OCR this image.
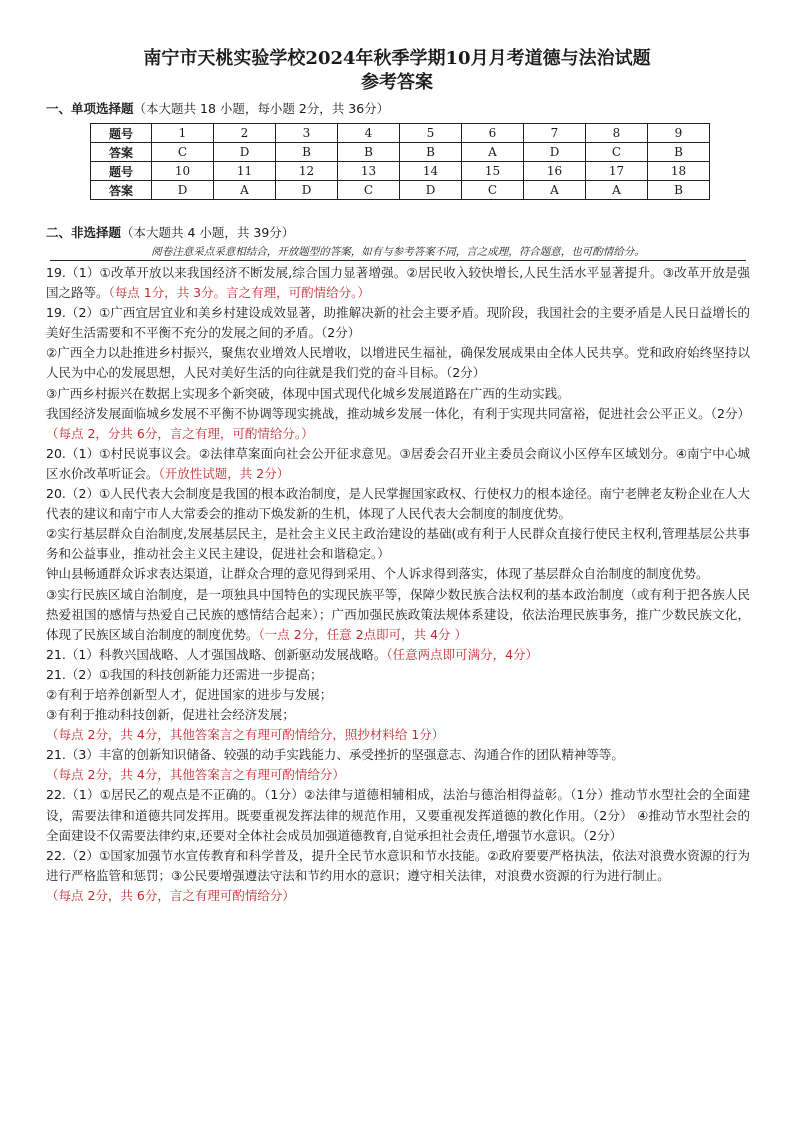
南宁市天桃实验学校2024年秋季学期10月月考道德与法治试题
参考答案
一、单项选择题（本大题共 18 小题，每小题 2分，共 36分）
题号	1	2	3	4	5	6	7	8	9
答案	C	D	B	B	B	A	D	C	B
题号	10	11	12	13	14	15	16	17	18
答案	D	A	D	C	D	C	A	A	B
二、非选择题（本大题共 4 小题，共 39分）
阅卷注意采点采意相结合，开放题型的答案，如有与参考答案不同，言之成理，符合题意，也可酌情给分。

19.（1）①改革开放以来我国经济不断发展,综合国力显著增强。②居民收入较快增长,人民生活水平显著提升。③改革开放是强国之路等。（每点 1分，共 3分。言之有理，可酌情给分。）

19.（2）①广西宜居宜业和美乡村建设成效显著，助推解决新的社会主要矛盾。现阶段，我国社会的主要矛盾是人民日益增长的美好生活需要和不平衡不充分的发展之间的矛盾。（2分）

②广西全力以赴推进乡村振兴，聚焦农业增效人民增收，以增进民生福祉，确保发展成果由全体人民共享。党和政府始终坚持以人民为中心的发展思想，人民对美好生活的向往就是我们党的奋斗目标。（2分）

③广西乡村振兴在数据上实现多个新突破，体现中国式现代化城乡发展道路在广西的生动实践。

我国经济发展面临城乡发展不平衡不协调等现实挑战，推动城乡发展一体化，有利于实现共同富裕，促进社会公平正义。（2分）（每点 2，分共 6分，言之有理，可酌情给分。）

20.（1）①村民说事议会。②法律草案面向社会公开征求意见。③居委会召开业主委员会商议小区停车区域划分。④南宁中心城区水价改革听证会。（开放性试题，共 2分）

20.（2）①人民代表大会制度是我国的根本政治制度，是人民掌握国家政权、行使权力的根本途径。南宁老牌老友粉企业在人大代表的建议和南宁市人大常委会的推动下焕发新的生机，体现了人民代表大会制度的制度优势。

②实行基层群众自治制度,发展基层民主，是社会主义民主政治建设的基础(或有利于人民群众直接行使民主权利,管理基层公共事务和公益事业，推动社会主义民主建设，促进社会和谐稳定。）

钟山县畅通群众诉求表达渠道，让群众合理的意见得到采用、个人诉求得到落实，体现了基层群众自治制度的制度优势。

③实行民族区域自治制度，是一项独具中国特色的实现民族平等，保障少数民族合法权利的基本政治制度（或有利于把各族人民热爱祖国的感情与热爱自己民族的感情结合起来）；广西加强民族政策法规体系建设，依法治理民族事务，推广少数民族文化，体现了民族区域自治制度的制度优势。（一点 2分，任意 2点即可，共 4分 ）

21.（1）科教兴国战略、人才强国战略、创新驱动发展战略。（任意两点即可满分，4分）

21.（2）①我国的科技创新能力还需进一步提高；

②有利于培养创新型人才，促进国家的进步与发展；

③有利于推动科技创新，促进社会经济发展；

（每点 2分，共 4分，其他答案言之有理可酌情给分，照抄材料给 1分）

21.（3）丰富的创新知识储备、较强的动手实践能力、承受挫折的坚强意志、沟通合作的团队精神等等。

（每点 2分，共 4分，其他答案言之有理可酌情给分）

22.（1）①居民乙的观点是不正确的。（1分）②法律与道德相辅相成，法治与德治相得益彰。（1分）推动节水型社会的全面建设，需要法律和道德共同发挥用。既要重视发挥法律的规范作用，又要重视发挥道德的教化作用。（2分） ④推动节水型社会的全面建设不仅需要法律约束,还要对全体社会成员加强道德教育,自觉承担社会责任,增强节水意识。（2分）

22.（2）①国家加强节水宣传教育和科学普及，提升全民节水意识和节水技能。②政府要要严格执法，依法对浪费水资源的行为进行严格监管和惩罚；③公民要增强遵法守法和节约用水的意识；遵守相关法律，对浪费水资源的行为进行制止。

（每点 2分，共 6分，言之有理可酌情给分）
